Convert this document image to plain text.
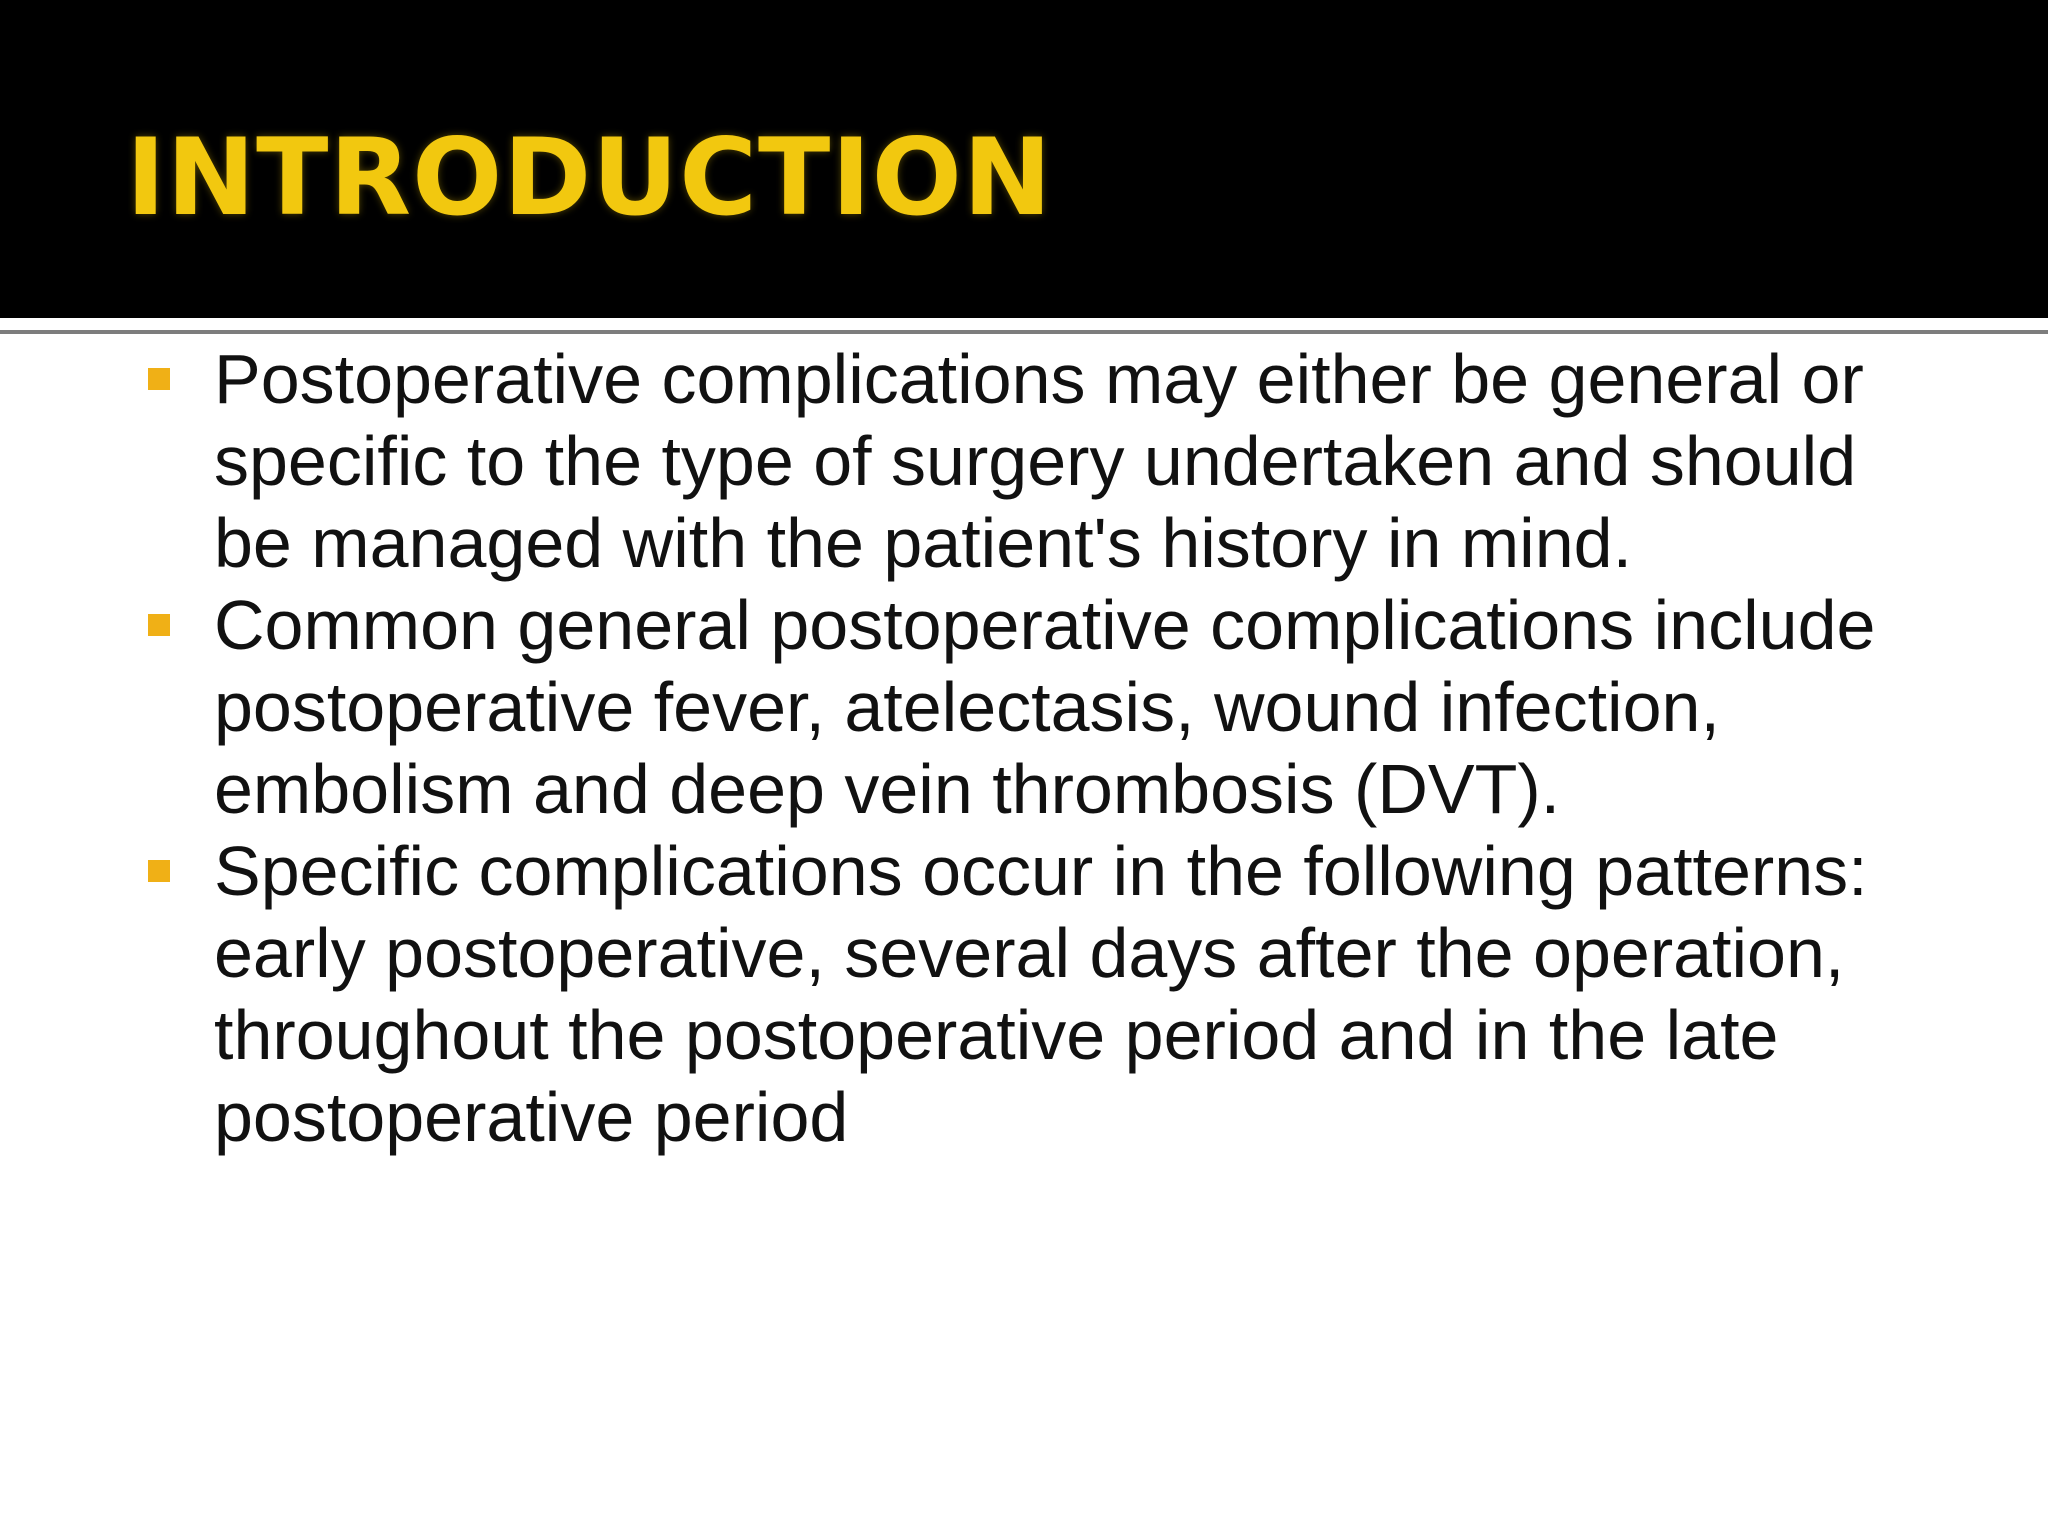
INTRODUCTION
Postoperative complications may either be general or specific to the type of surgery undertaken and should be managed with the patient's history in mind.
Common general postoperative complications include postoperative fever, atelectasis, wound infection, embolism and deep vein thrombosis (DVT).
Specific complications occur in the following patterns: early postoperative, several days after the operation, throughout the postoperative period and in the late postoperative period
